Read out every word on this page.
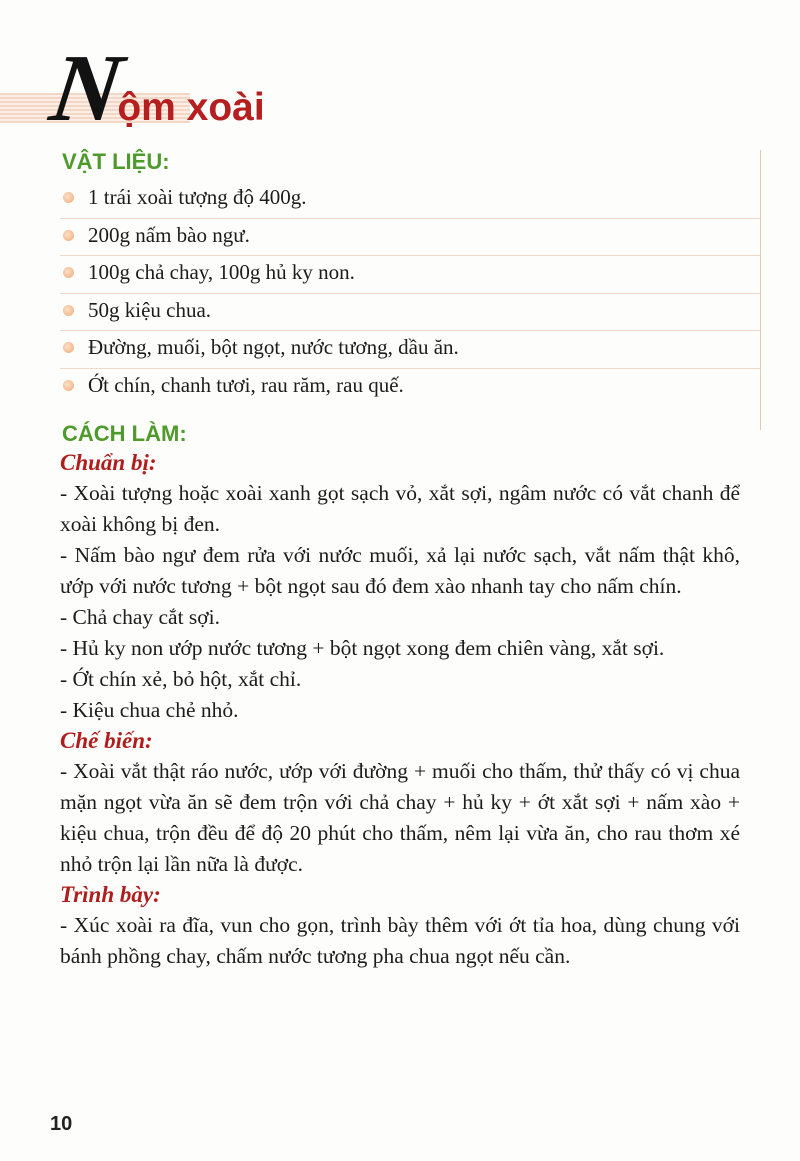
Nộm xoài
VẬT LIỆU:
1 trái xoài tượng độ 400g.
200g nấm bào ngư.
100g chả chay, 100g hủ ky non.
50g kiệu chua.
Đường, muối, bột ngọt, nước tương, dầu ăn.
Ớt chín, chanh tươi, rau răm, rau quế.
CÁCH LÀM:
Chuẩn bị:

- Xoài tượng hoặc xoài xanh gọt sạch vỏ, xắt sợi, ngâm nước có vắt chanh để xoài không bị đen.

- Nấm bào ngư đem rửa với nước muối, xả lại nước sạch, vắt nấm thật khô, ướp với nước tương + bột ngọt sau đó đem xào nhanh tay cho nấm chín.

- Chả chay cắt sợi.

- Hủ ky non ướp nước tương + bột ngọt xong đem chiên vàng, xắt sợi.

- Ớt chín xẻ, bỏ hột, xắt chỉ.

- Kiệu chua chẻ nhỏ.

Chế biến:

- Xoài vắt thật ráo nước, ướp với đường + muối cho thấm, thử thấy có vị chua mặn ngọt vừa ăn sẽ đem trộn với chả chay + hủ ky + ớt xắt sợi + nấm xào + kiệu chua, trộn đều để độ 20 phút cho thấm, nêm lại vừa ăn, cho rau thơm xé nhỏ trộn lại lần nữa là được.

Trình bày:

- Xúc xoài ra đĩa, vun cho gọn, trình bày thêm với ớt tỉa hoa, dùng chung với bánh phồng chay, chấm nước tương pha chua ngọt nếu cần.

10
